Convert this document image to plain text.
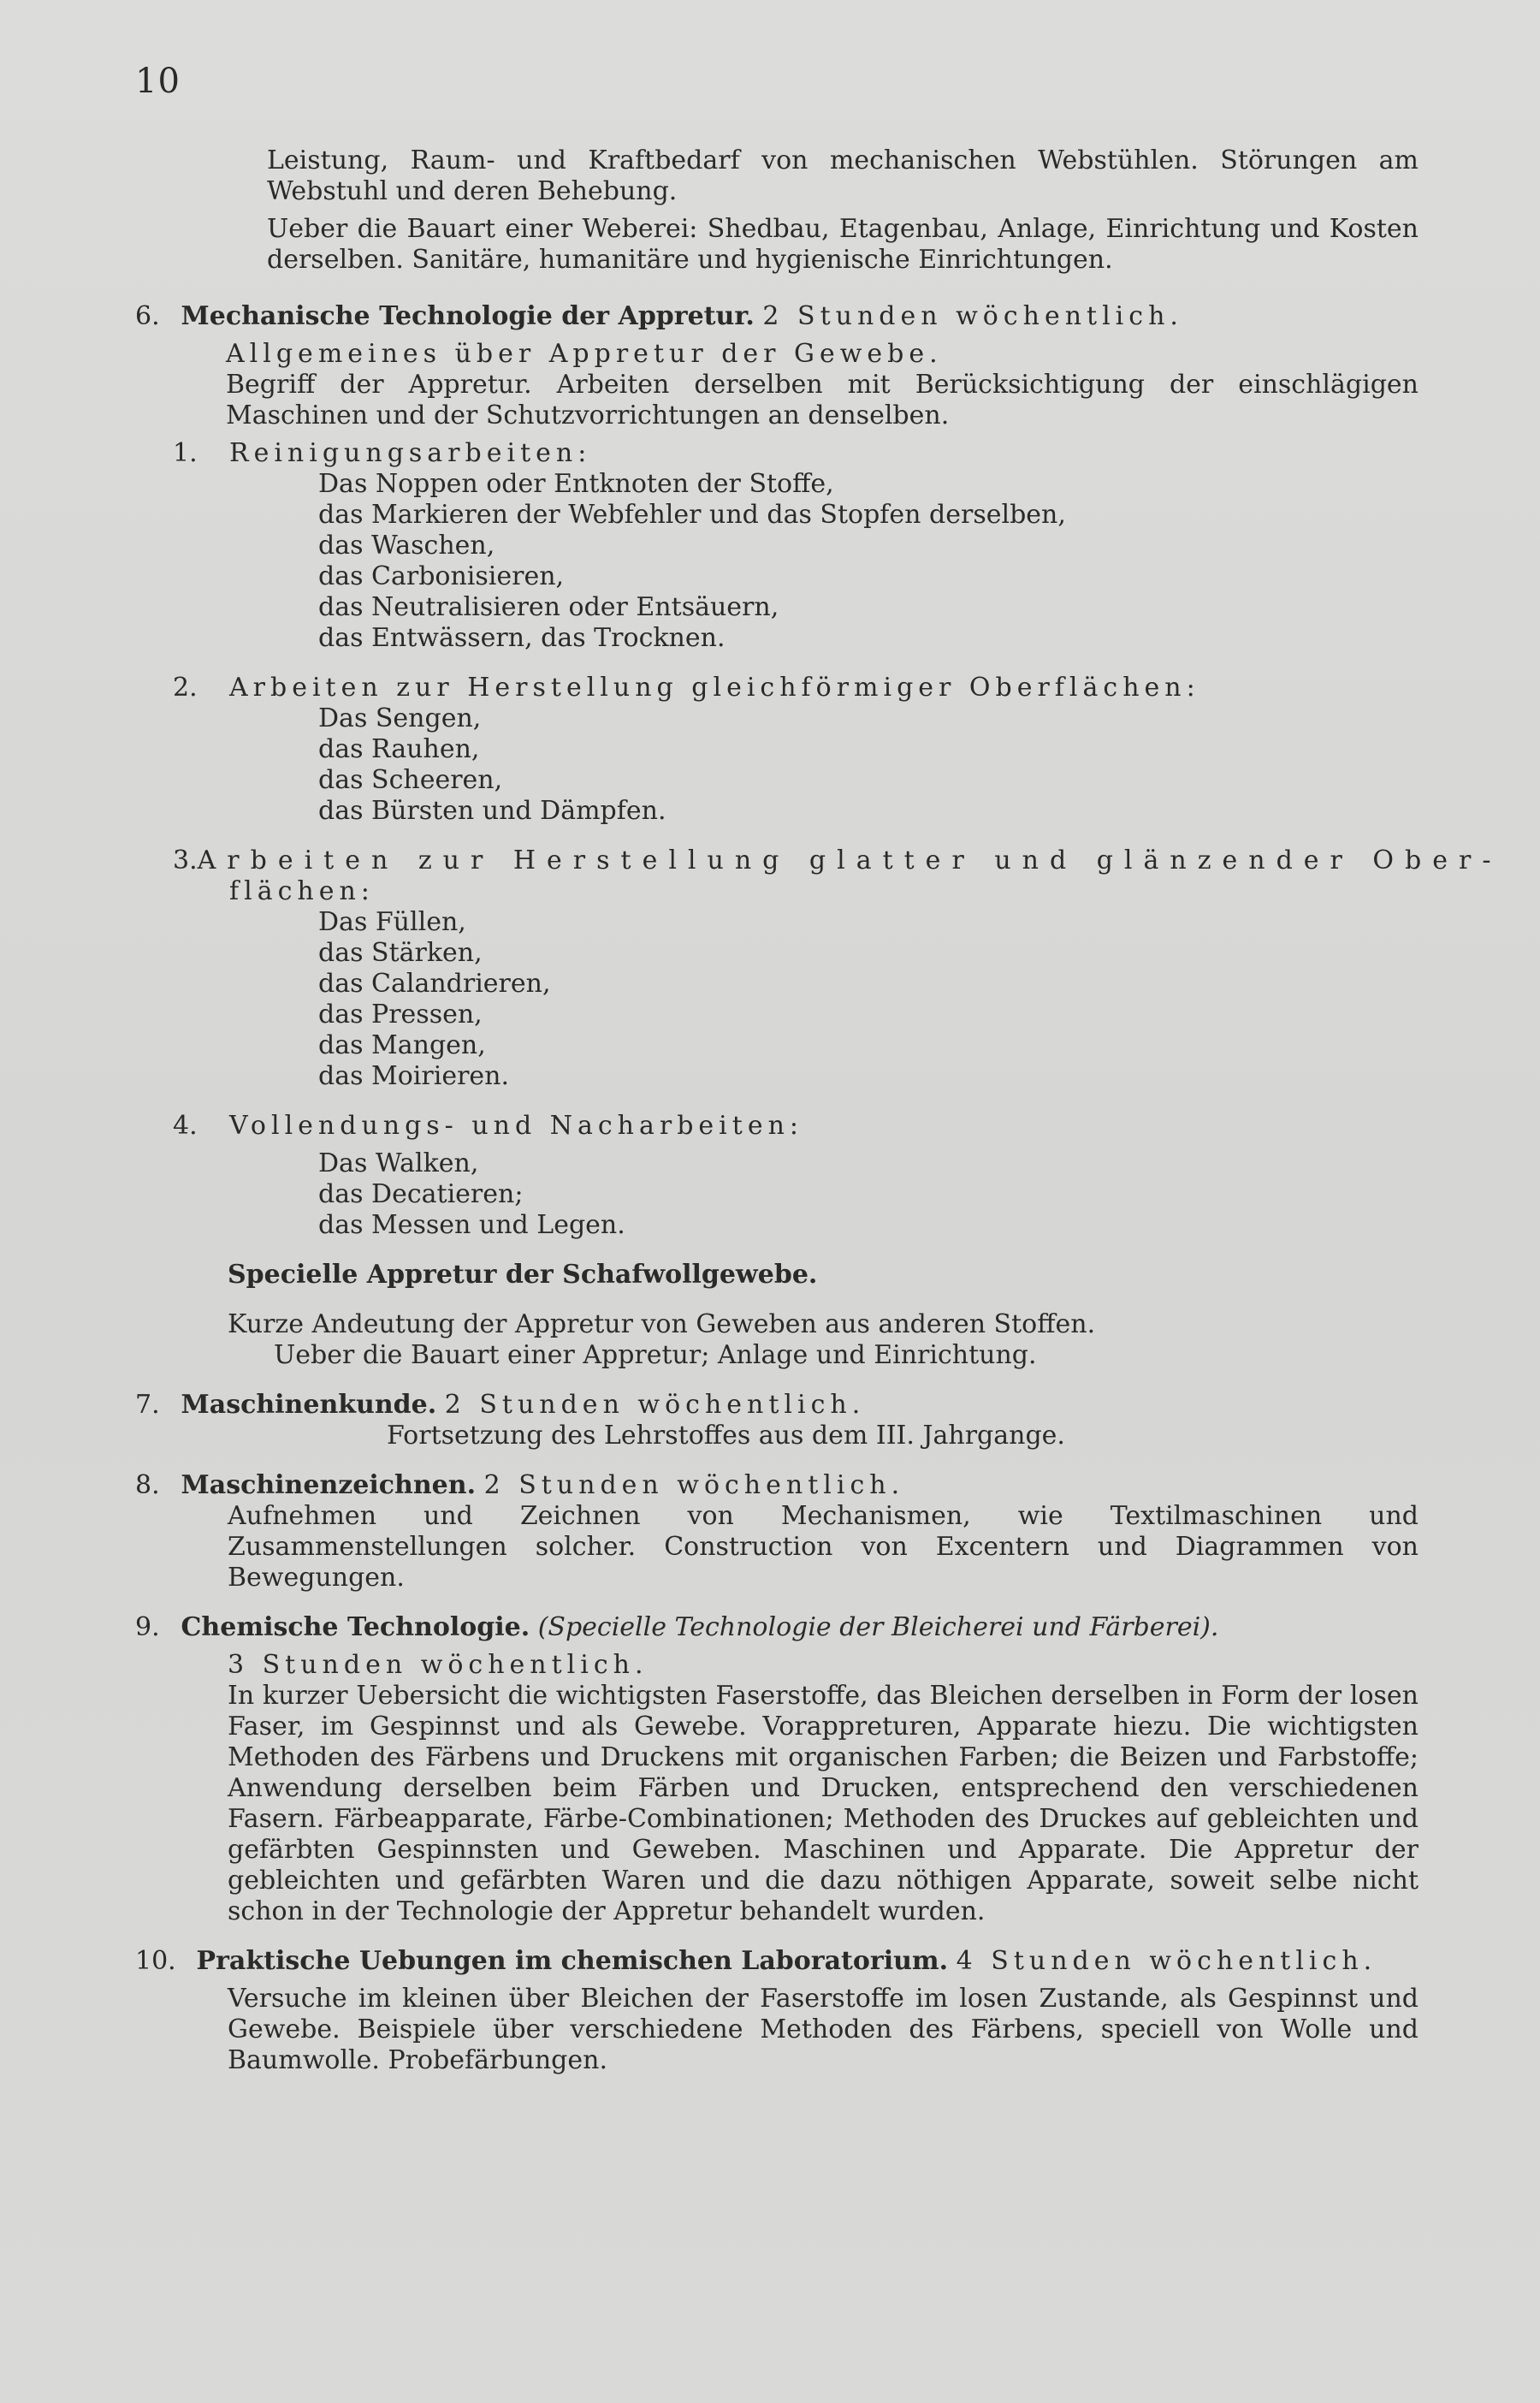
10
Leistung, Raum- und Kraftbedarf von mechanischen Webstühlen. Störungen am Webstuhl und deren Behebung.
Ueber die Bauart einer Weberei: Shedbau, Etagenbau, Anlage, Einrichtung und Kosten derselben. Sanitäre, humanitäre und hygienische Einrichtungen.
6. Mechanische Technologie der Appretur. 2 Stunden wöchentlich.
Allgemeines über Appretur der Gewebe.
Begriff der Appretur. Arbeiten derselben mit Berücksichtigung der einschlägigen Maschinen und der Schutzvorrichtungen an denselben.
1.	Reinigungsarbeiten:
Das Noppen oder Entknoten der Stoffe,
das Markieren der Webfehler und das Stopfen derselben,
das Waschen,
das Carbonisieren,
das Neutralisieren oder Entsäuern,
das Entwässern, das Trocknen.
2.	Arbeiten zur Herstellung gleichförmiger Oberflächen:
Das Sengen,
das Rauhen,
das Scheeren,
das Bürsten und Dämpfen.
3. Arbeiten zur Herstellung glatter und glänzender Ober-
flächen:
Das Füllen,
das Stärken,
das Calandrieren,
das Pressen,
das Mangen,
das Moirieren.
4.	Vollendungs- und Nacharbeiten:
Das Walken,
das Decatieren;
das Messen und Legen.
Specielle Appretur der Schafwollgewebe.
Kurze Andeutung der Appretur von Geweben aus anderen Stoffen.
Ueber die Bauart einer Appretur; Anlage und Einrichtung.
7. Maschinenkunde. 2 Stunden wöchentlich.
Fortsetzung des Lehrstoffes aus dem III. Jahrgange.
8. Maschinenzeichnen. 2 Stunden wöchentlich.
Aufnehmen und Zeichnen von Mechanismen, wie Textilmaschinen und Zusammenstellungen solcher. Construction von Excentern und Diagrammen von Bewegungen.
9. Chemische Technologie. (Specielle Technologie der Bleicherei und Färberei).
3 Stunden wöchentlich.
In kurzer Uebersicht die wichtigsten Faserstoffe, das Bleichen derselben in Form der losen Faser, im Gespinnst und als Gewebe. Vorappreturen, Apparate hiezu. Die wichtigsten Methoden des Färbens und Druckens mit organischen Farben; die Beizen und Farbstoffe; Anwendung derselben beim Färben und Drucken, entsprechend den verschiedenen Fasern. Färbeapparate, Färbe-Combinationen; Methoden des Druckes auf gebleichten und gefärbten Gespinnsten und Geweben. Maschinen und Apparate. Die Appretur der gebleichten und gefärbten Waren und die dazu nöthigen Apparate, soweit selbe nicht schon in der Technologie der Appretur behandelt wurden.
10. Praktische Uebungen im chemischen Laboratorium. 4 Stunden wöchentlich.
Versuche im kleinen über Bleichen der Faserstoffe im losen Zustande, als Gespinnst und Gewebe. Beispiele über verschiedene Methoden des Färbens, speciell von Wolle und Baumwolle. Probefärbungen.
